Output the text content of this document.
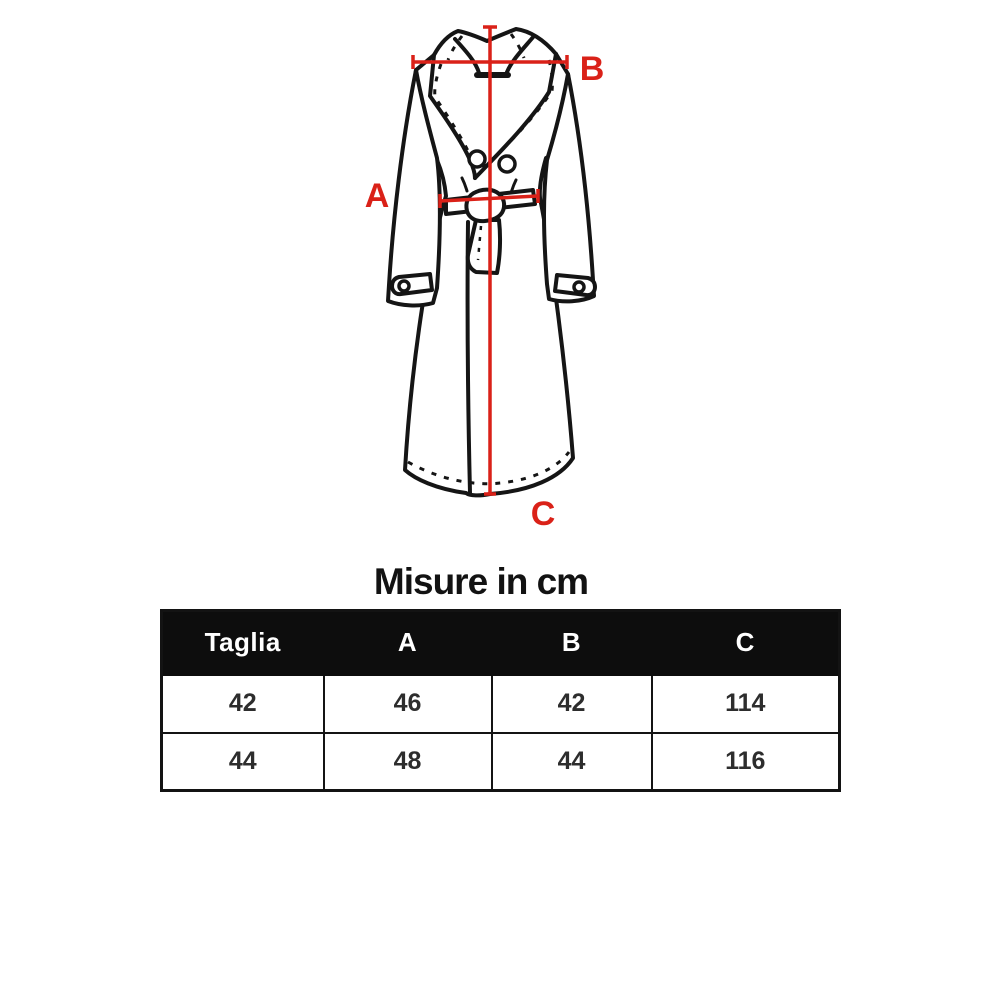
A
B
C
Misure in cm
Taglia	A	B	C
42	46	42	114
44	48	44	116
